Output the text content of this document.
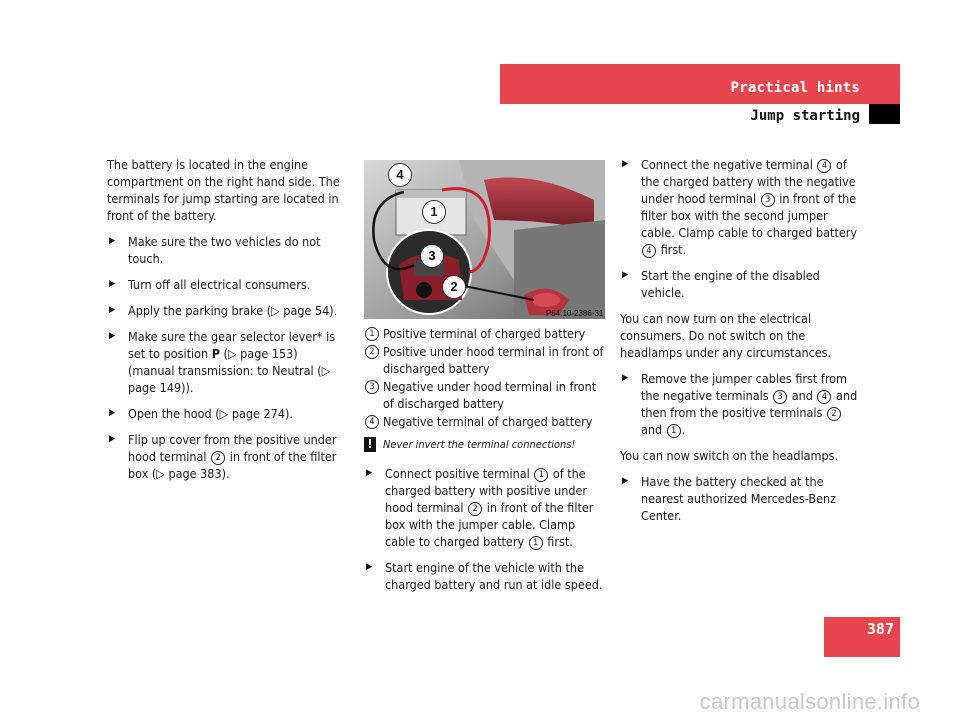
Practical hints
Jump starting

The battery is located in the engine compartment on the right hand side. The terminals for jump starting are located in front of the battery.

▶ Make sure the two vehicles do not touch.
▶ Turn off all electrical consumers.
▶ Apply the parking brake (▷ page 54).
▶ Make sure the gear selector lever* is set to position P (▷ page 153) (manual transmission: to Neutral (▷ page 149)).
▶ Open the hood (▷ page 274).
▶ Flip up cover from the positive under hood terminal 2 in front of the filter box (▷ page 383).
4
1
3
2
P54.10-2386-31
1 Positive terminal of charged battery
2 Positive under hood terminal in front of discharged battery
3 Negative under hood terminal in front of discharged battery
4 Negative terminal of charged battery
! Never invert the terminal connections!
▶ Connect positive terminal 1 of the charged battery with positive under hood terminal 2 in front of the filter box with the jumper cable. Clamp cable to charged battery 1 first.
▶ Start engine of the vehicle with the charged battery and run at idle speed.
▶ Connect the negative terminal 4 of the charged battery with the negative under hood terminal 3 in front of the filter box with the second jumper cable. Clamp cable to charged battery 4 first.
▶ Start the engine of the disabled vehicle.

You can now turn on the electrical consumers. Do not switch on the headlamps under any circumstances.

▶ Remove the jumper cables first from the negative terminals 3 and 4 and then from the positive terminals 2 and 1 .

You can now switch on the headlamps.

▶ Have the battery checked at the nearest authorized Mercedes-Benz Center.
387
carmanualsonline.info
